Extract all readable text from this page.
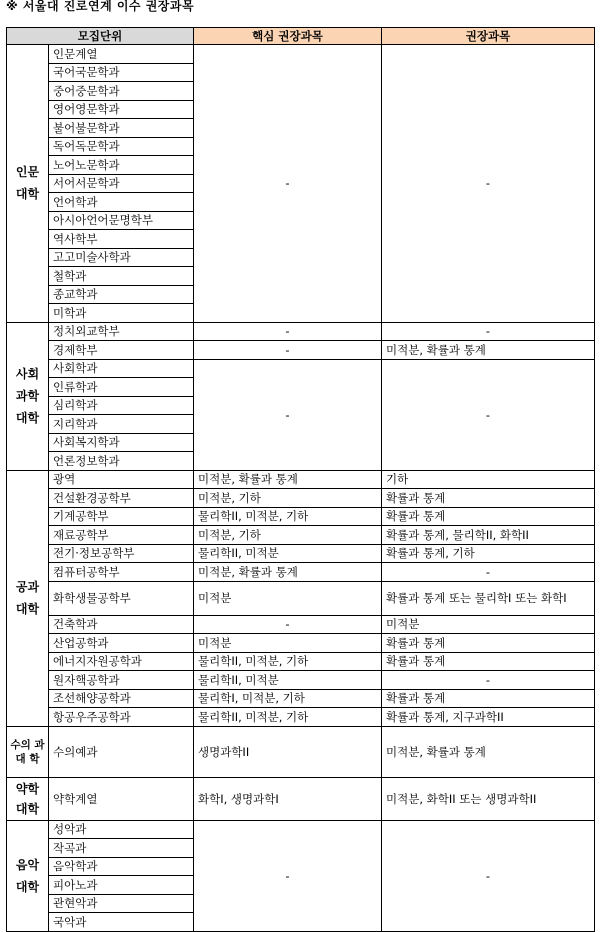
※ 서울대 진로연계 이수 권장과목
모집단위		핵심 권장과목	권장과목
인문 대학	인문계열	-	-
	국어국문학과		
	중어중문학과		
	영어영문학과		
	불어불문학과		
	독어독문학과		
	노어노문학과		
	서어서문학과		
	언어학과		
	아시아언어문명학부		
	역사학부		
	고고미술사학과		
	철학과		
	종교학과		
	미학과		
사회 과학 대학	정치외교학부	-	-
	경제학부	-	미적분, 확률과 통계
	사회학과	-	-
	인류학과		
	심리학과		
	지리학과		
	사회복지학과		
	언론정보학과		
공과 대학	광역	미적분, 확률과 통계	기하
	건설환경공학부	미적분, 기하	확률과 통계
	기계공학부	물리학II, 미적분, 기하	확률과 통계
	재료공학부	미적분, 기하	확률과 통계, 물리학II, 화학II
	전기·정보공학부	물리학II, 미적분	확률과 통계, 기하
	컴퓨터공학부	미적분, 확률과 통계	-
	화학생물공학부	미적분	확률과 통계 또는 물리학I 또는 화학I
	건축학과	-	미적분
	산업공학과	미적분	확률과 통계
	에너지자원공학과	물리학II, 미적분, 기하	확률과 통계
	원자핵공학과	물리학II, 미적분	-
	조선해양공학과	물리학I, 미적분, 기하	확률과 통계
	항공우주공학과	물리학II, 미적분, 기하	확률과 통계, 지구과학II
수의 과대 학	수의예과	생명과학II	미적분, 확률과 통계
약학 대학	약학계열	화학I, 생명과학I	미적분, 화학II 또는 생명과학II
음악 대학	성악과	-	-
	작곡과		
	음악학과		
	피아노과		
	관현악과		
	국악과		
